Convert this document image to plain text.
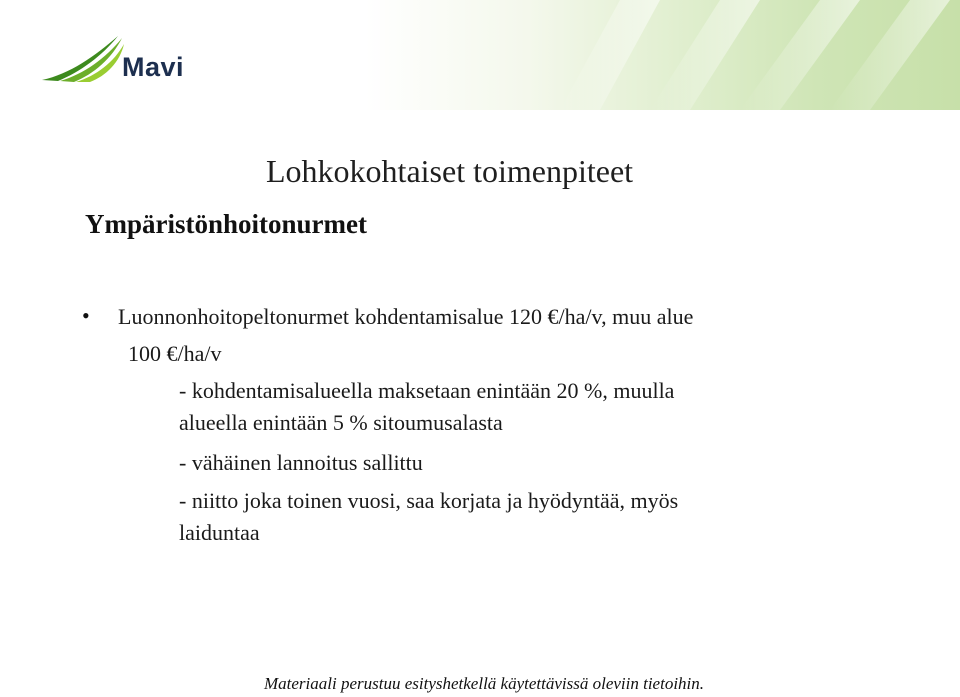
Mavi
Lohkokohtaiset toimenpiteet
Ympäristönhoitonurmet
• Luonnonhoitopeltonurmet kohdentamisalue 120 €/ha/v, muu alue
100 €/ha/v
- kohdentamisalueella maksetaan enintään 20 %, muulla
alueella enintään 5 % sitoumusalasta
- vähäinen lannoitus sallittu
- niitto joka toinen vuosi, saa korjata ja hyödyntää, myös
laiduntaa
Materiaali perustuu esityshetkellä käytettävissä oleviin tietoihin.
